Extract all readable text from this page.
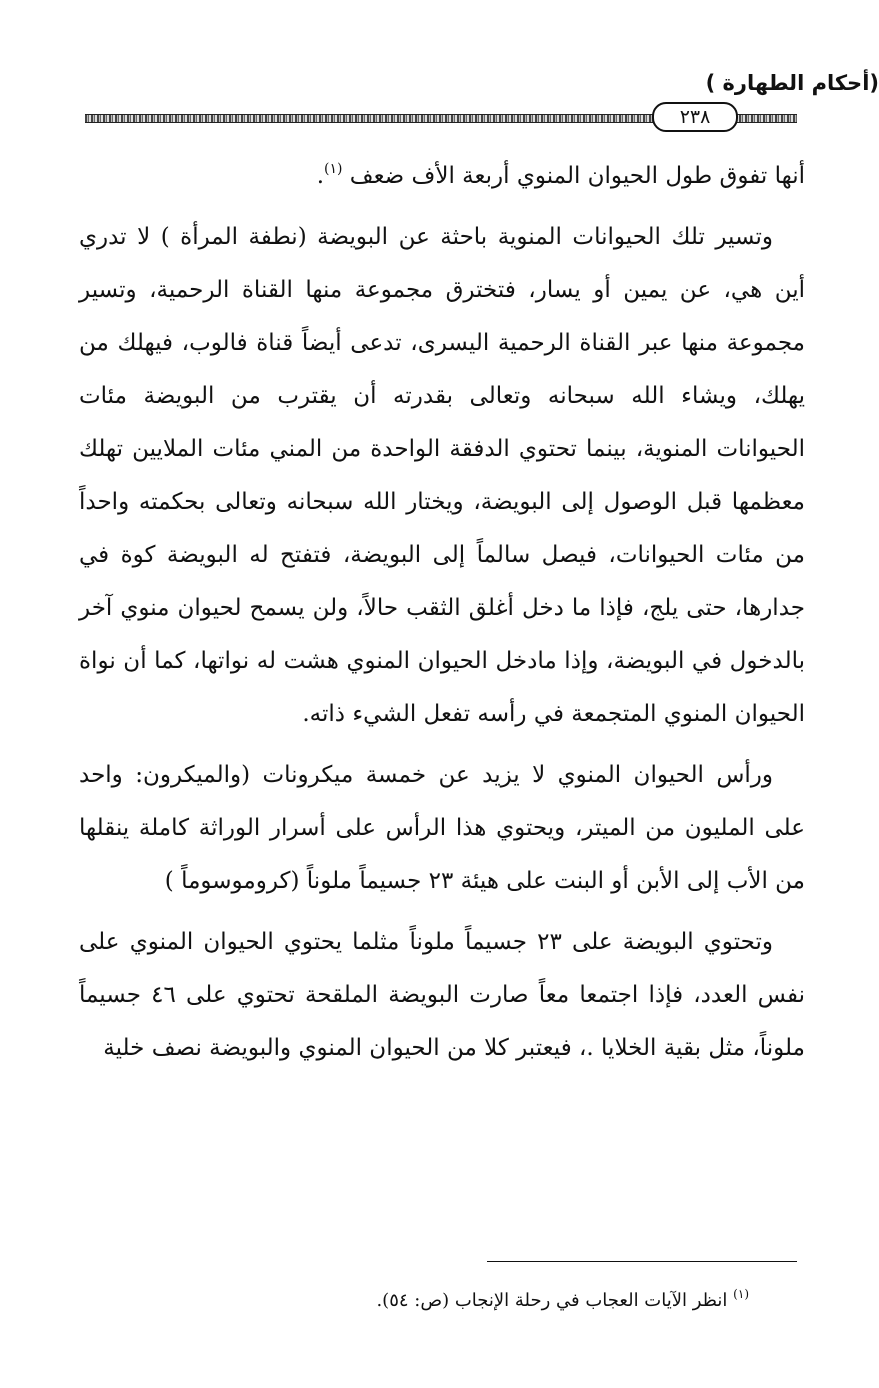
(أحكام الطهارة )
٢٣٨

أنها تفوق طول الحيوان المنوي أربعة الأف ضعف $^{(١)}$.

وتسير تلك الحيوانات المنوية باحثة عن البويضة (نطفة المرأة ) لا تدري أين هي، عن يمين أو يسار، فتخترق مجموعة منها القناة الرحمية، وتسير مجموعة منها عبر القناة الرحمية اليسرى، تدعى أيضاً قناة فالوب، فيهلك من يهلك، ويشاء الله سبحانه وتعالى بقدرته أن يقترب من البويضة مئات الحيوانات المنوية، بينما تحتوي الدفقة الواحدة من المني مئات الملايين تهلك معظمها قبل الوصول إلى البويضة، ويختار الله سبحانه وتعالى بحكمته واحداً من مئات الحيوانات، فيصل سالماً إلى البويضة، فتفتح له البويضة كوة في جدارها، حتى يلج، فإذا ما دخل أغلق الثقب حالاً، ولن يسمح لحيوان منوي آخر بالدخول في البويضة، وإذا مادخل الحيوان المنوي هشت له نواتها، كما أن نواة الحيوان المنوي المتجمعة في رأسه تفعل الشيء ذاته.

ورأس الحيوان المنوي لا يزيد عن خمسة ميكرونات (والميكرون: واحد على المليون من الميتر، ويحتوي هذا الرأس على أسرار الوراثة كاملة ينقلها من الأب إلى الأبن أو البنت على هيئة ٢٣ جسيماً ملوناً (كروموسوماً )

وتحتوي البويضة على ٢٣ جسيماً ملوناً مثلما يحتوي الحيوان المنوي على نفس العدد، فإذا اجتمعا معاً صارت البويضة الملقحة تحتوي على ٤٦ جسيماً ملوناً، مثل بقية الخلايا .، فيعتبر كلا من الحيوان المنوي والبويضة نصف خلية

$^{(١)}$ انظر الآيات العجاب في رحلة الإنجاب (ص: ٥٤).
